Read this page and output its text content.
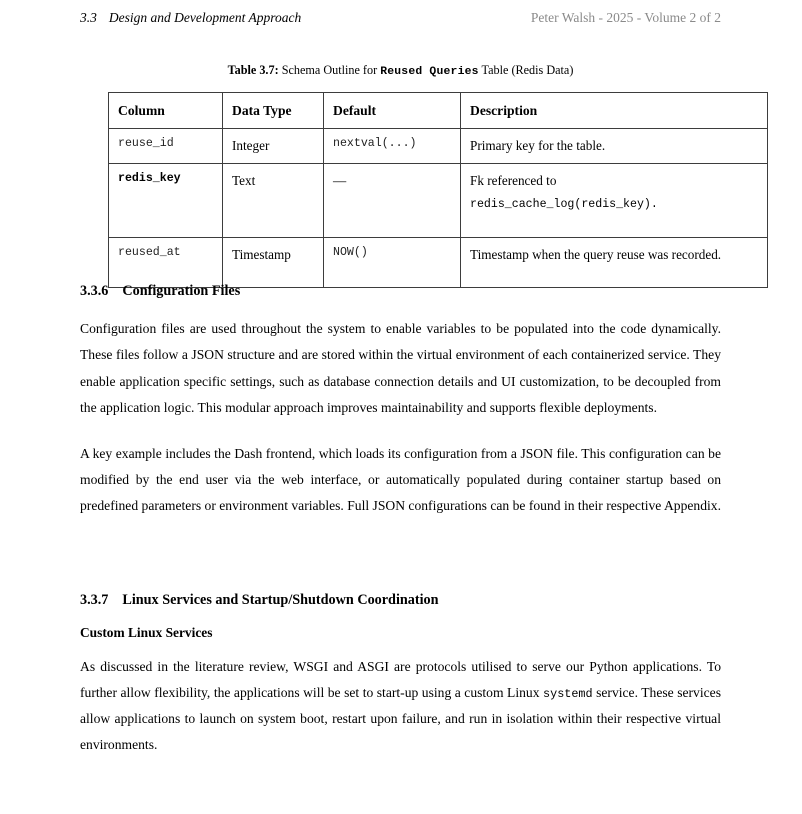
3.3 Design and Development Approach	Peter Walsh - 2025 - Volume 2 of 2
Table 3.7: Schema Outline for Reused Queries Table (Redis Data)
Column	Data Type	Default	Description
reuse_id	Integer	nextval(...)	Primary key for the table.
redis_key	Text	—	Fk referenced to
redis_cache_log(redis_key).

reused_at	Timestamp	NOW()	Timestamp when the query reuse was recorded.
3.3.6 Configuration Files

Configuration files are used throughout the system to enable variables to be populated into the code dynamically. These files follow a JSON structure and are stored within the virtual environment of each containerized service. They enable application specific settings, such as database connection details and UI customization, to be decoupled from the application logic. This modular approach improves maintainability and supports flexible deployments.

A key example includes the Dash frontend, which loads its configuration from a JSON file. This configuration can be modified by the end user via the web interface, or automatically populated during container startup based on predefined parameters or environment variables. Full JSON configurations can be found in their respective Appendix.

3.3.7 Linux Services and Startup/Shutdown Coordination
Custom Linux Services

As discussed in the literature review, WSGI and ASGI are protocols utilised to serve our Python applications. To further allow flexibility, the applications will be set to start-up using a custom Linux systemd service. These services allow applications to launch on system boot, restart upon failure, and run in isolation within their respective virtual environments.
